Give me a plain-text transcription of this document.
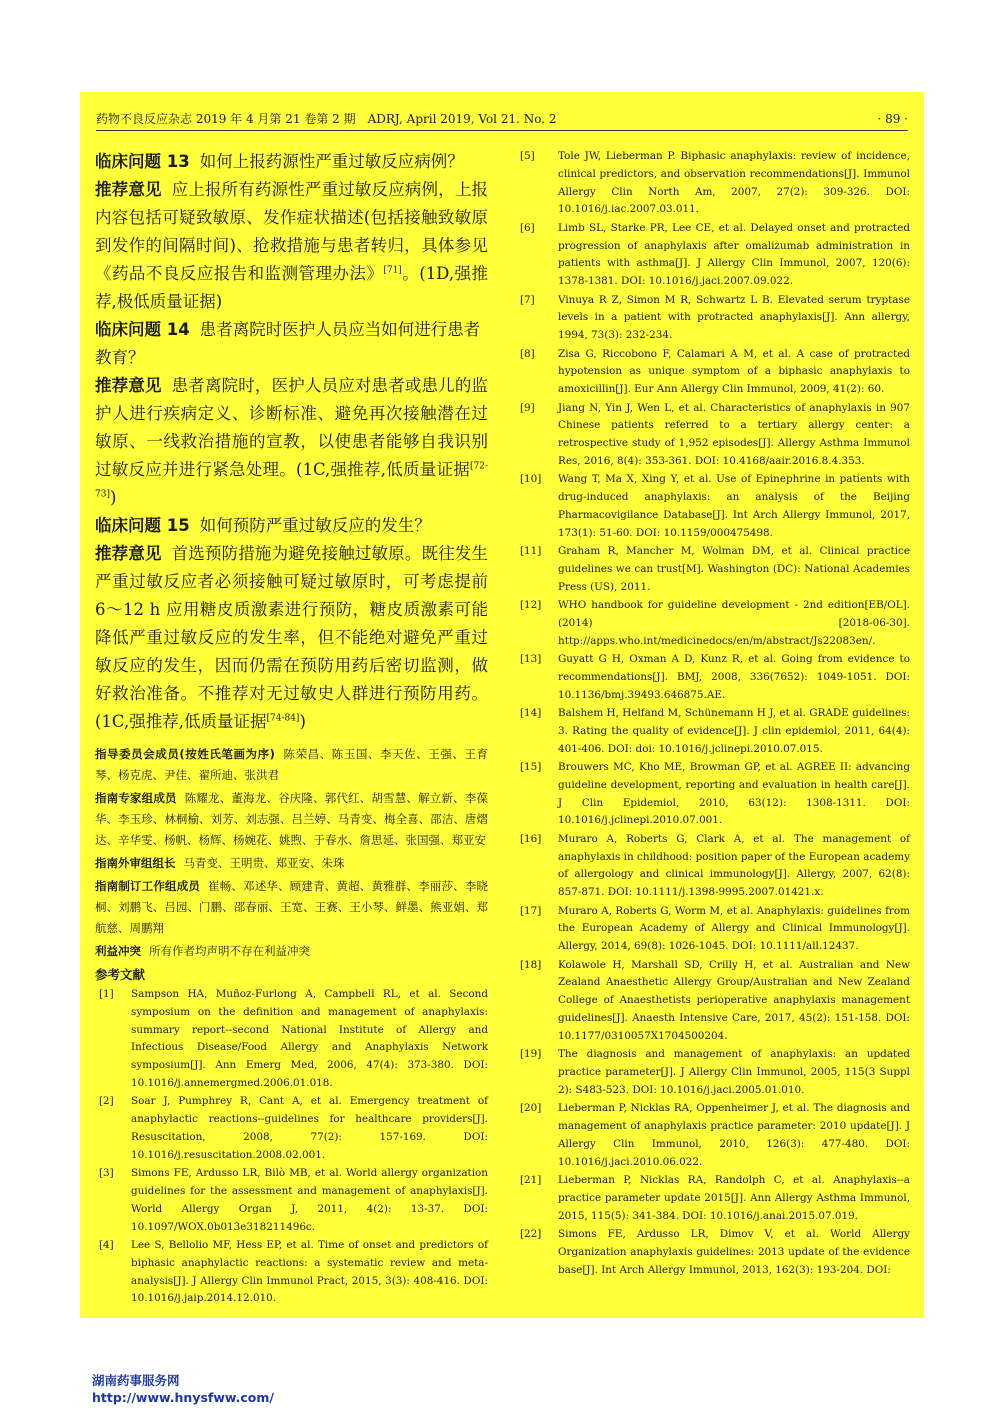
药物不良反应杂志 2019 年 4 月第 21 卷第 2 期　ADRJ, April 2019, Vol 21. No. 2	· 89 ·

临床问题 13 如何上报药源性严重过敏反应病例？

推荐意见 应上报所有药源性严重过敏反应病例，上报内容包括可疑致敏原、发作症状描述(包括接触致敏原到发作的间隔时间)、抢救措施与患者转归，具体参见《药品不良反应报告和监测管理办法》[71]。(1D,强推荐,极低质量证据)

临床问题 14 患者离院时医护人员应当如何进行患者教育？

推荐意见 患者离院时，医护人员应对患者或患儿的监护人进行疾病定义、诊断标准、避免再次接触潜在过敏原、一线救治措施的宣教，以使患者能够自我识别过敏反应并进行紧急处理。(1C,强推荐,低质量证据[72-73])

临床问题 15 如何预防严重过敏反应的发生？

推荐意见 首选预防措施为避免接触过敏原。既往发生严重过敏反应者必须接触可疑过敏原时，可考虑提前 6～12 h 应用糖皮质激素进行预防，糖皮质激素可能降低严重过敏反应的发生率，但不能绝对避免严重过敏反应的发生，因而仍需在预防用药后密切监测，做好救治准备。不推荐对无过敏史人群进行预防用药。(1C,强推荐,低质量证据[74-84])

指导委员会成员(按姓氏笔画为序) 陈荣昌、陈玉国、李天佐、王强、王育琴、杨克虎、尹佳、翟所迪、张洪君

指南专家组成员 陈耀龙、董海龙、谷庆隆、郭代红、胡雪慧、解立新、李葆华、李玉珍、林桐榆、刘芳、刘志强、吕兰婷、马青变、梅全喜、邵洁、唐熠达、辛华雯、杨帆、杨辉、杨婉花、姚煦、于春水、詹思延、张国强、郑亚安

指南外审组组长 马青变、王明贵、郑亚安、朱珠

指南制订工作组成员 崔畅、邓述华、顾建青、黄超、黄雅群、李丽莎、李晓桐、刘鹏飞、吕园、门鹏、邵春丽、王宽、王赛、王小琴、鲜墨、熊亚娟、郑航慈、周鹏翔

利益冲突 所有作者均声明不存在利益冲突

参考文献
[1] Sampson HA, Muñoz-Furlong A, Campbell RL, et al. Second symposium on the definition and management of anaphylaxis: summary report--second National Institute of Allergy and Infectious Disease/Food Allergy and Anaphylaxis Network symposium[J]. Ann Emerg Med, 2006, 47(4): 373-380. DOI: 10.1016/j.annemergmed.2006.01.018.
[2] Soar J, Pumphrey R, Cant A, et al. Emergency treatment of anaphylactic reactions--guidelines for healthcare providers[J]. Resuscitation, 2008, 77(2): 157-169. DOI: 10.1016/j.resuscitation.2008.02.001.
[3] Simons FE, Ardusso LR, Bilò MB, et al. World allergy organization guidelines for the assessment and management of anaphylaxis[J]. World Allergy Organ J, 2011, 4(2): 13-37. DOI: 10.1097/WOX.0b013e318211496c.
[4] Lee S, Bellolio MF, Hess EP, et al. Time of onset and predictors of biphasic anaphylactic reactions: a systematic review and meta-analysis[J]. J Allergy Clin Immunol Pract, 2015, 3(3): 408-416. DOI: 10.1016/j.jaip.2014.12.010.
[5] Tole JW, Lieberman P. Biphasic anaphylaxis: review of incidence, clinical predictors, and observation recommendations[J]. Immunol Allergy Clin North Am, 2007, 27(2): 309-326. DOI: 10.1016/j.iac.2007.03.011.
[6] Limb SL, Starke PR, Lee CE, et al. Delayed onset and protracted progression of anaphylaxis after omalizumab administration in patients with asthma[J]. J Allergy Clin Immunol, 2007, 120(6): 1378-1381. DOI: 10.1016/j.jaci.2007.09.022.
[7] Vinuya R Z, Simon M R, Schwartz L B. Elevated serum tryptase levels in a patient with protracted anaphylaxis[J]. Ann allergy, 1994, 73(3): 232-234.
[8] Zisa G, Riccobono F, Calamari A M, et al. A case of protracted hypotension as unique symptom of a biphasic anaphylaxis to amoxicillin[J]. Eur Ann Allergy Clin Immunol, 2009, 41(2): 60.
[9] Jiang N, Yin J, Wen L, et al. Characteristics of anaphylaxis in 907 Chinese patients referred to a tertiary allergy center: a retrospective study of 1,952 episodes[J]. Allergy Asthma Immunol Res, 2016, 8(4): 353-361. DOI: 10.4168/aair.2016.8.4.353.
[10] Wang T, Ma X, Xing Y, et al. Use of Epinephrine in patients with drug-induced anaphylaxis: an analysis of the Beijing Pharmacovigilance Database[J]. Int Arch Allergy Immunol, 2017, 173(1): 51-60. DOI: 10.1159/000475498.
[11] Graham R, Mancher M, Wolman DM, et al. Clinical practice guidelines we can trust[M]. Washington (DC): National Academies Press (US), 2011.
[12] WHO handbook for guideline development - 2nd edition[EB/OL]. (2014) [2018-06-30]. http://apps.who.int/medicinedocs/en/m/abstract/Js22083en/.
[13] Guyatt G H, Oxman A D, Kunz R, et al. Going from evidence to recommendations[J]. BMJ, 2008, 336(7652): 1049-1051. DOI: 10.1136/bmj.39493.646875.AE.
[14] Balshem H, Helfand M, Schünemann H J, et al. GRADE guidelines: 3. Rating the quality of evidence[J]. J clin epidemiol, 2011, 64(4): 401-406. DOI: doi: 10.1016/j.jclinepi.2010.07.015.
[15] Brouwers MC, Kho ME, Browman GP, et al. AGREE II: advancing guideline development, reporting and evaluation in health care[J]. J Clin Epidemiol, 2010, 63(12): 1308-1311. DOI: 10.1016/j.jclinepi.2010.07.001.
[16] Muraro A, Roberts G, Clark A, et al. The management of anaphylaxis in childhood: position paper of the European academy of allergology and clinical immunology[J]. Allergy, 2007, 62(8): 857-871. DOI: 10.1111/j.1398-9995.2007.01421.x.
[17] Muraro A, Roberts G, Worm M, et al. Anaphylaxis: guidelines from the European Academy of Allergy and Clinical Immunology[J]. Allergy, 2014, 69(8): 1026-1045. DOI: 10.1111/all.12437.
[18] Kolawole H, Marshall SD, Crilly H, et al. Australian and New Zealand Anaesthetic Allergy Group/Australian and New Zealand College of Anaesthetists perioperative anaphylaxis management guidelines[J]. Anaesth Intensive Care, 2017, 45(2): 151-158. DOI: 10.1177/0310057X1704500204.
[19] The diagnosis and management of anaphylaxis: an updated practice parameter[J]. J Allergy Clin Immunol, 2005, 115(3 Suppl 2): S483-523. DOI: 10.1016/j.jaci.2005.01.010.
[20] Lieberman P, Nicklas RA, Oppenheimer J, et al. The diagnosis and management of anaphylaxis practice parameter: 2010 update[J]. J Allergy Clin Immunol, 2010, 126(3): 477-480. DOI: 10.1016/j.jaci.2010.06.022.
[21] Lieberman P, Nicklas RA, Randolph C, et al. Anaphylaxis--a practice parameter update 2015[J]. Ann Allergy Asthma Immunol, 2015, 115(5): 341-384. DOI: 10.1016/j.anai.2015.07.019.
[22] Simons FE, Ardusso LR, Dimov V, et al. World Allergy Organization anaphylaxis guidelines: 2013 update of the evidence base[J]. Int Arch Allergy Immunol, 2013, 162(3): 193-204. DOI:
湖南药事服务网
http://www.hnysfww.com/
